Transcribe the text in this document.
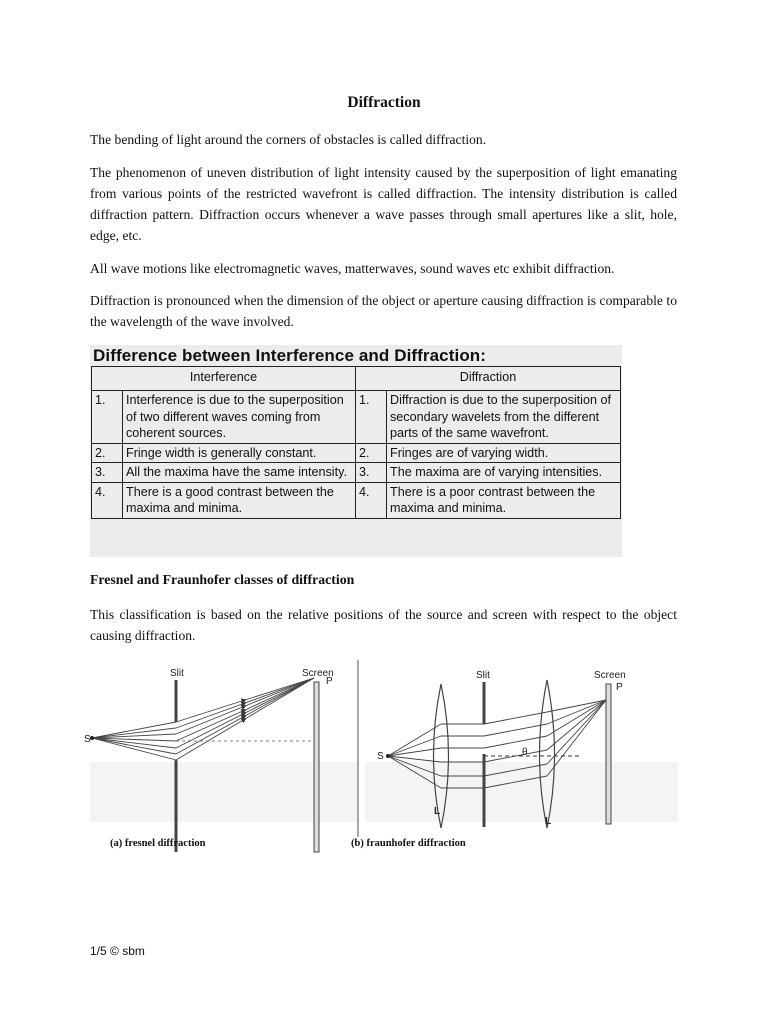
Diffraction

The bending of light around the corners of obstacles is called diffraction.

The phenomenon of uneven distribution of light intensity caused by the superposition of light emanating from various points of the restricted wavefront is called diffraction. The intensity distribution is called diffraction pattern. Diffraction occurs whenever a wave passes through small apertures like a slit, hole, edge, etc.

All wave motions like electromagnetic waves, matterwaves, sound waves etc exhibit diffraction.

Diffraction is pronounced when the dimension of the object or aperture causing diffraction is comparable to the wavelength of the wave involved.

Difference between Interference and Diffraction:
Interference		Diffraction	
1.	Interference is due to the superposition of two different waves coming from coherent sources.	1.	Diffraction is due to the superposition of secondary wavelets from the different parts of the same wavefront.
2.	Fringe width is generally constant.	2.	Fringes are of varying width.
3.	All the maxima have the same intensity.	3.	The maxima are of varying intensities.
4.	There is a good contrast between the maxima and minima.	4.	There is a poor contrast between the maxima and minima.
Fresnel and Fraunhofer classes of diffraction

This classification is based on the relative positions of the source and screen with respect to the object causing diffraction.

Slit	Screen
P
S
Slit	Screen
P
S	θ
L
L
(a) fresnel diffraction	(b) fraunhofer diffraction
1/5 © sbm
